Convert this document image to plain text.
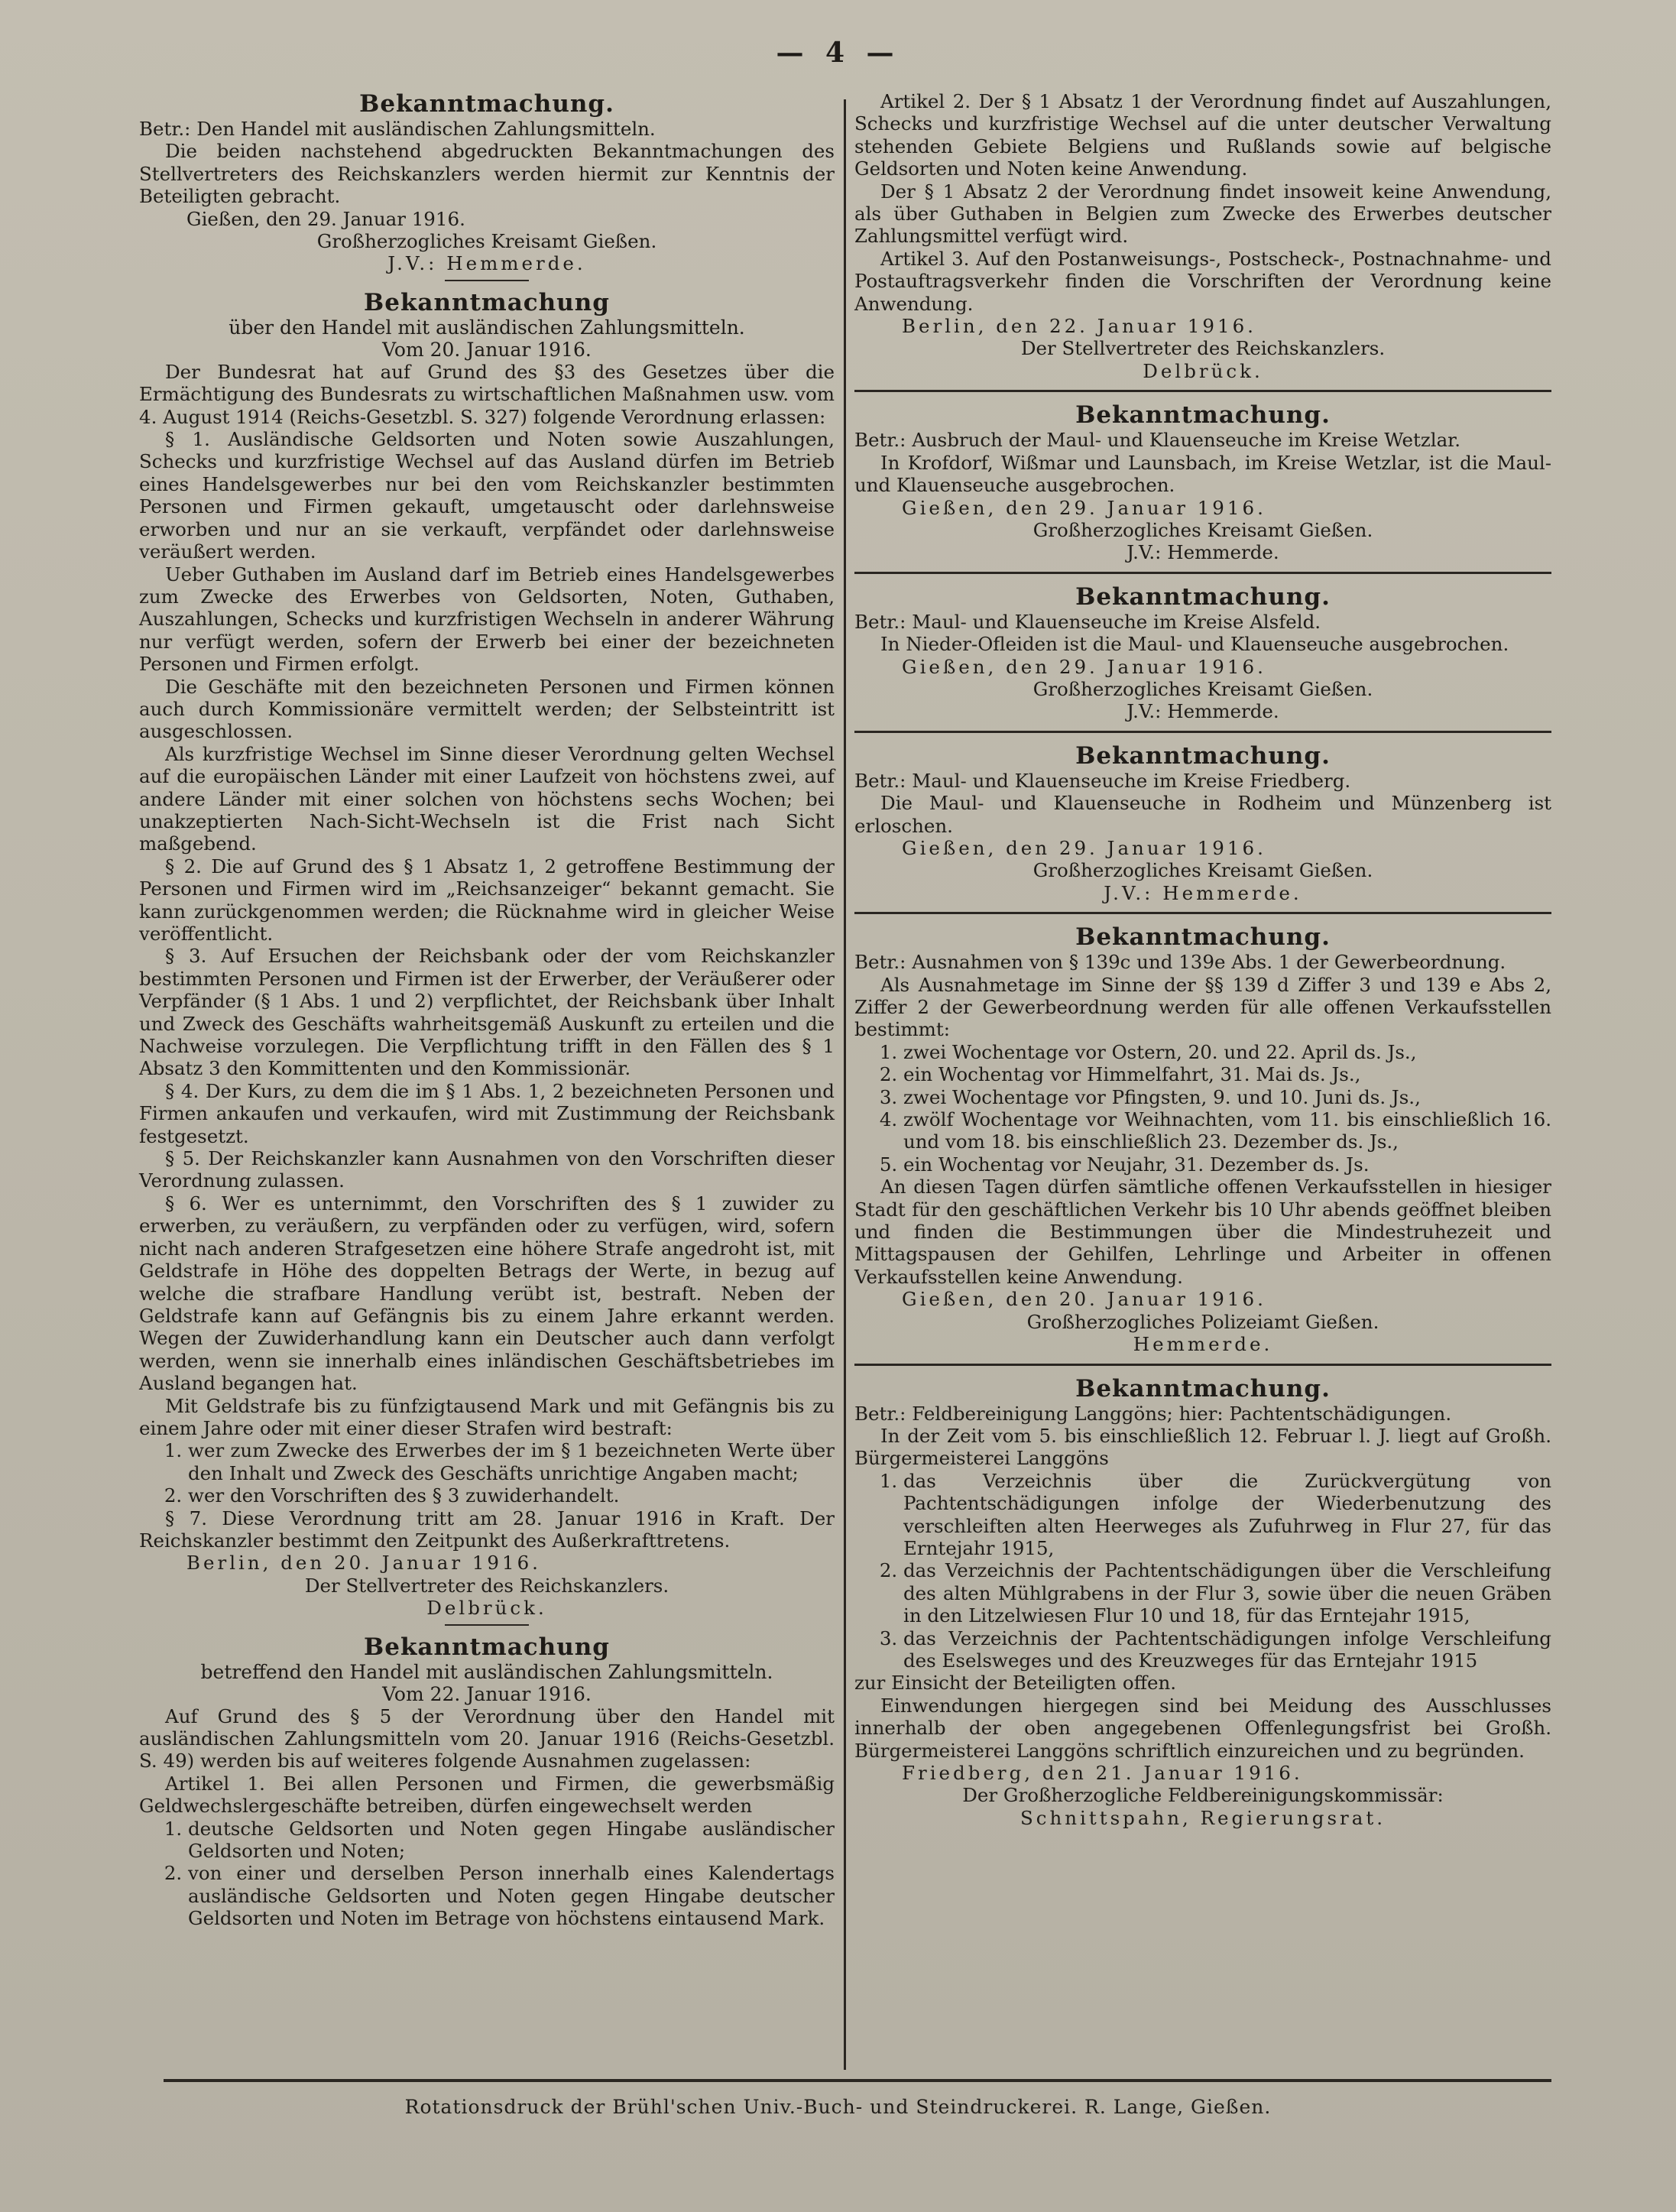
— 4 —
Bekanntmachung.

Betr.: Den Handel mit ausländischen Zahlungsmitteln.

Die beiden nachstehend abgedruckten Bekanntmachungen des Stellvertreters des Reichskanzlers werden hiermit zur Kenntnis der Beteiligten gebracht.

Gießen, den 29. Januar 1916.

Großherzogliches Kreisamt Gießen.
J.V.: Hemmerde.
Bekanntmachung
über den Handel mit ausländischen Zahlungsmitteln.
Vom 20. Januar 1916.

Der Bundesrat hat auf Grund des §3 des Gesetzes über die Ermächtigung des Bundesrats zu wirtschaftlichen Maßnahmen usw. vom 4. August 1914 (Reichs-Gesetzbl. S. 327) folgende Verordnung erlassen:

§ 1. Ausländische Geldsorten und Noten sowie Auszahlungen, Schecks und kurzfristige Wechsel auf das Ausland dürfen im Betrieb eines Handelsgewerbes nur bei den vom Reichskanzler bestimmten Personen und Firmen gekauft, umgetauscht oder darlehnsweise erworben und nur an sie verkauft, verpfändet oder darlehnsweise veräußert werden.

Ueber Guthaben im Ausland darf im Betrieb eines Handelsgewerbes zum Zwecke des Erwerbes von Geldsorten, Noten, Guthaben, Auszahlungen, Schecks und kurzfristigen Wechseln in anderer Währung nur verfügt werden, sofern der Erwerb bei einer der bezeichneten Personen und Firmen erfolgt.

Die Geschäfte mit den bezeichneten Personen und Firmen können auch durch Kommissionäre vermittelt werden; der Selbsteintritt ist ausgeschlossen.

Als kurzfristige Wechsel im Sinne dieser Verordnung gelten Wechsel auf die europäischen Länder mit einer Laufzeit von höchstens zwei, auf andere Länder mit einer solchen von höchstens sechs Wochen; bei unakzeptierten Nach-Sicht-Wechseln ist die Frist nach Sicht maßgebend.

§ 2. Die auf Grund des § 1 Absatz 1, 2 getroffene Bestimmung der Personen und Firmen wird im „Reichsanzeiger“ bekannt gemacht. Sie kann zurückgenommen werden; die Rücknahme wird in gleicher Weise veröffentlicht.

§ 3. Auf Ersuchen der Reichsbank oder der vom Reichskanzler bestimmten Personen und Firmen ist der Erwerber, der Veräußerer oder Verpfänder (§ 1 Abs. 1 und 2) verpflichtet, der Reichsbank über Inhalt und Zweck des Geschäfts wahrheitsgemäß Auskunft zu erteilen und die Nachweise vorzulegen. Die Verpflichtung trifft in den Fällen des § 1 Absatz 3 den Kommittenten und den Kommissionär.

§ 4. Der Kurs, zu dem die im § 1 Abs. 1, 2 bezeichneten Personen und Firmen ankaufen und verkaufen, wird mit Zustimmung der Reichsbank festgesetzt.

§ 5. Der Reichskanzler kann Ausnahmen von den Vorschriften dieser Verordnung zulassen.

§ 6. Wer es unternimmt, den Vorschriften des § 1 zuwider zu erwerben, zu veräußern, zu verpfänden oder zu verfügen, wird, sofern nicht nach anderen Strafgesetzen eine höhere Strafe angedroht ist, mit Geldstrafe in Höhe des doppelten Betrags der Werte, in bezug auf welche die strafbare Handlung verübt ist, bestraft. Neben der Geldstrafe kann auf Gefängnis bis zu einem Jahre erkannt werden. Wegen der Zuwiderhandlung kann ein Deutscher auch dann verfolgt werden, wenn sie innerhalb eines inländischen Geschäftsbetriebes im Ausland begangen hat.

Mit Geldstrafe bis zu fünfzigtausend Mark und mit Gefängnis bis zu einem Jahre oder mit einer dieser Strafen wird bestraft:

1. wer zum Zwecke des Erwerbes der im § 1 bezeichneten Werte über den Inhalt und Zweck des Geschäfts unrichtige Angaben macht;
2. wer den Vorschriften des § 3 zuwiderhandelt.

§ 7. Diese Verordnung tritt am 28. Januar 1916 in Kraft. Der Reichskanzler bestimmt den Zeitpunkt des Außerkrafttretens.

Berlin, den 20. Januar 1916.

Der Stellvertreter des Reichskanzlers.
Delbrück.
Bekanntmachung
betreffend den Handel mit ausländischen Zahlungsmitteln.
Vom 22. Januar 1916.

Auf Grund des § 5 der Verordnung über den Handel mit ausländischen Zahlungsmitteln vom 20. Januar 1916 (Reichs-Gesetzbl. S. 49) werden bis auf weiteres folgende Ausnahmen zugelassen:

Artikel 1. Bei allen Personen und Firmen, die gewerbsmäßig Geldwechslergeschäfte betreiben, dürfen eingewechselt werden

1. deutsche Geldsorten und Noten gegen Hingabe ausländischer Geldsorten und Noten;
2. von einer und derselben Person innerhalb eines Kalendertags ausländische Geldsorten und Noten gegen Hingabe deutscher Geldsorten und Noten im Betrage von höchstens eintausend Mark.

Artikel 2. Der § 1 Absatz 1 der Verordnung findet auf Auszahlungen, Schecks und kurzfristige Wechsel auf die unter deutscher Verwaltung stehenden Gebiete Belgiens und Rußlands sowie auf belgische Geldsorten und Noten keine Anwendung.

Der § 1 Absatz 2 der Verordnung findet insoweit keine Anwendung, als über Guthaben in Belgien zum Zwecke des Erwerbes deutscher Zahlungsmittel verfügt wird.

Artikel 3. Auf den Postanweisungs-, Postscheck-, Postnachnahme- und Postauftragsverkehr finden die Vorschriften der Verordnung keine Anwendung.

Berlin, den 22. Januar 1916.

Der Stellvertreter des Reichskanzlers.
Delbrück.
Bekanntmachung.

Betr.: Ausbruch der Maul- und Klauenseuche im Kreise Wetzlar.

In Krofdorf, Wißmar und Launsbach, im Kreise Wetzlar, ist die Maul- und Klauenseuche ausgebrochen.

Gießen, den 29. Januar 1916.

Großherzogliches Kreisamt Gießen.
J.V.: Hemmerde.
Bekanntmachung.

Betr.: Maul- und Klauenseuche im Kreise Alsfeld.

In Nieder-Ofleiden ist die Maul- und Klauenseuche ausgebrochen.

Gießen, den 29. Januar 1916.

Großherzogliches Kreisamt Gießen.
J.V.: Hemmerde.
Bekanntmachung.

Betr.: Maul- und Klauenseuche im Kreise Friedberg.

Die Maul- und Klauenseuche in Rodheim und Münzenberg ist erloschen.

Gießen, den 29. Januar 1916.

Großherzogliches Kreisamt Gießen.
J.V.: Hemmerde.
Bekanntmachung.

Betr.: Ausnahmen von § 139c und 139e Abs. 1 der Gewerbeordnung.

Als Ausnahmetage im Sinne der §§ 139 d Ziffer 3 und 139 e Abs 2, Ziffer 2 der Gewerbeordnung werden für alle offenen Verkaufsstellen bestimmt:

1. zwei Wochentage vor Ostern, 20. und 22. April ds. Js.,
2. ein Wochentag vor Himmelfahrt, 31. Mai ds. Js.,
3. zwei Wochentage vor Pfingsten, 9. und 10. Juni ds. Js.,
4. zwölf Wochentage vor Weihnachten, vom 11. bis einschließlich 16. und vom 18. bis einschließlich 23. Dezember ds. Js.,
5. ein Wochentag vor Neujahr, 31. Dezember ds. Js.

An diesen Tagen dürfen sämtliche offenen Verkaufsstellen in hiesiger Stadt für den geschäftlichen Verkehr bis 10 Uhr abends geöffnet bleiben und finden die Bestimmungen über die Mindestruhezeit und Mittagspausen der Gehilfen, Lehrlinge und Arbeiter in offenen Verkaufsstellen keine Anwendung.

Gießen, den 20. Januar 1916.

Großherzogliches Polizeiamt Gießen.
Hemmerde.
Bekanntmachung.

Betr.: Feldbereinigung Langgöns; hier: Pachtentschädigungen.

In der Zeit vom 5. bis einschließlich 12. Februar l. J. liegt auf Großh. Bürgermeisterei Langgöns

1. das Verzeichnis über die Zurückvergütung von Pachtentschädigungen infolge der Wiederbenutzung des verschleiften alten Heerweges als Zufuhrweg in Flur 27, für das Erntejahr 1915,
2. das Verzeichnis der Pachtentschädigungen über die Verschleifung des alten Mühlgrabens in der Flur 3, sowie über die neuen Gräben in den Litzelwiesen Flur 10 und 18, für das Erntejahr 1915,
3. das Verzeichnis der Pachtentschädigungen infolge Verschleifung des Eselsweges und des Kreuzweges für das Erntejahr 1915

zur Einsicht der Beteiligten offen.

Einwendungen hiergegen sind bei Meidung des Ausschlusses innerhalb der oben angegebenen Offenlegungsfrist bei Großh. Bürgermeisterei Langgöns schriftlich einzureichen und zu begründen.

Friedberg, den 21. Januar 1916.

Der Großherzogliche Feldbereinigungskommissär:
Schnittspahn, Regierungsrat.
Rotationsdruck der Brühl'schen Univ.-Buch- und Steindruckerei. R. Lange, Gießen.
